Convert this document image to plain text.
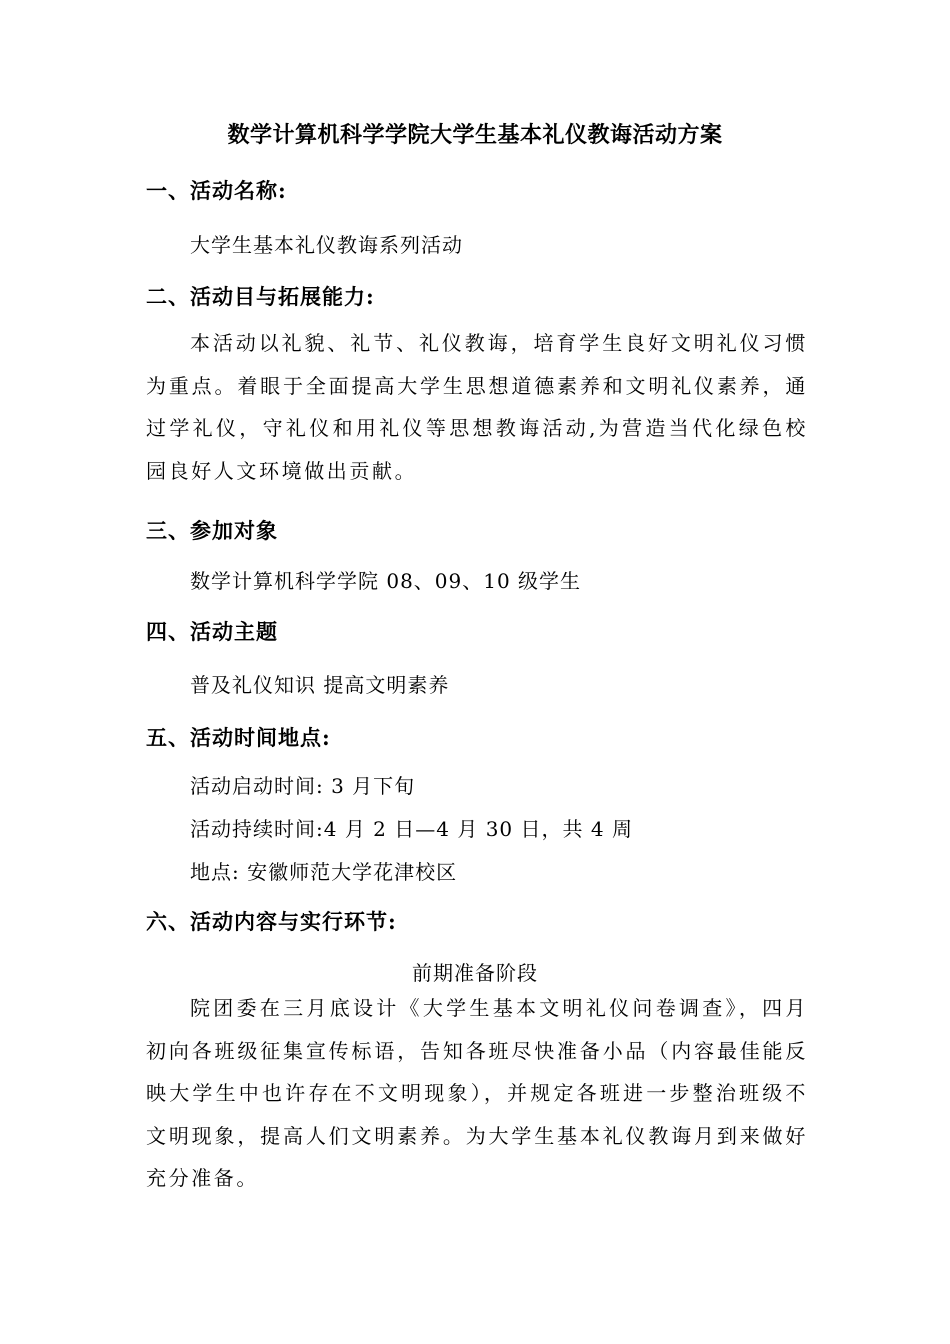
数学计算机科学学院大学生基本礼仪教诲活动方案
一、活动名称:
大学生基本礼仪教诲系列活动
二、活动目与拓展能力:
本活动以礼貌、礼节、礼仪教诲，培育学生良好文明礼仪习惯为重点。着眼于全面提高大学生思想道德素养和文明礼仪素养，通过学礼仪，守礼仪和用礼仪等思想教诲活动,为营造当代化绿色校园良好人文环境做出贡献。
三、参加对象
数学计算机科学学院 08、09、10 级学生
四、活动主题
普及礼仪知识 提高文明素养
五、活动时间地点:
活动启动时间: 3 月下旬
活动持续时间:4 月 2 日—4 月 30 日，共 4 周
地点: 安徽师范大学花津校区
六、活动内容与实行环节:
前期准备阶段
院团委在三月底设计《大学生基本文明礼仪问卷调查》，四月初向各班级征集宣传标语，告知各班尽快准备小品（内容最佳能反映大学生中也许存在不文明现象），并规定各班进一步整治班级不文明现象，提高人们文明素养。为大学生基本礼仪教诲月到来做好充分准备。
